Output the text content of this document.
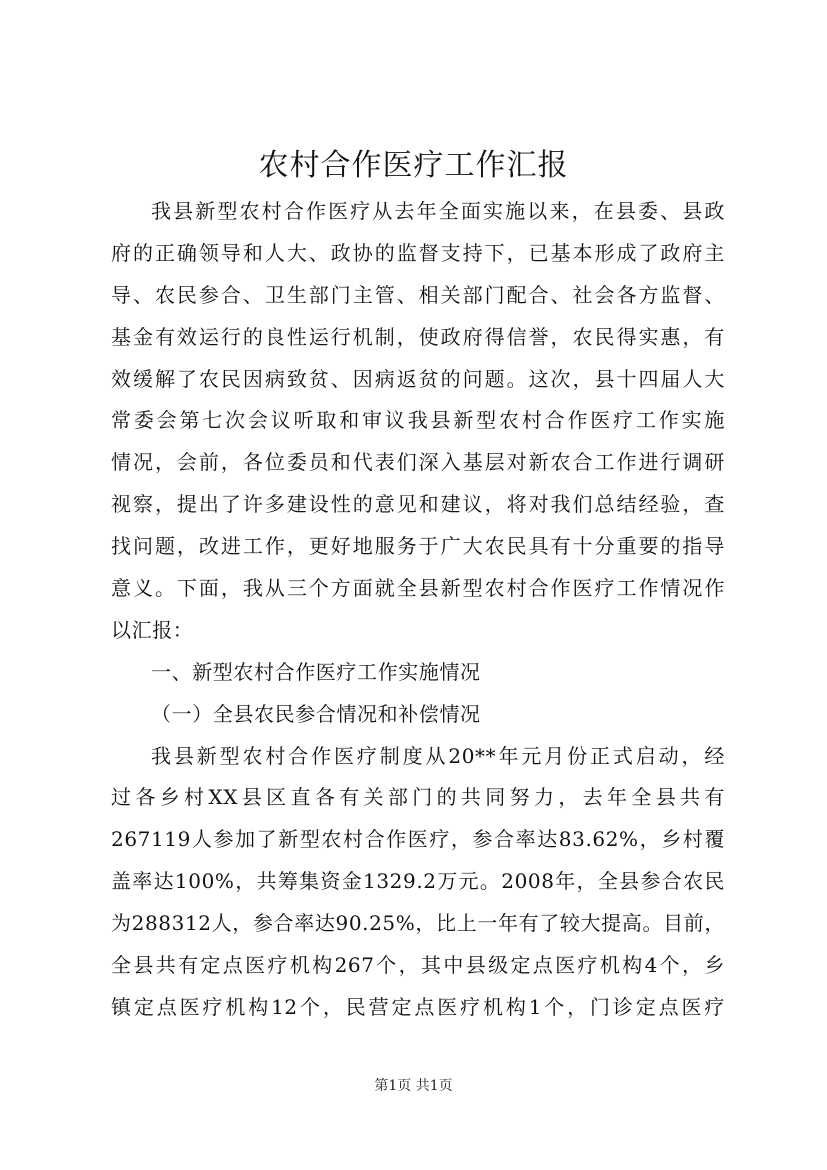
农村合作医疗工作汇报
我县新型农村合作医疗从去年全面实施以来，在县委、县政
府的正确领导和人大、政协的监督支持下，已基本形成了政府主
导、农民参合、卫生部门主管、相关部门配合、社会各方监督、
基金有效运行的良性运行机制，使政府得信誉，农民得实惠，有
效缓解了农民因病致贫、因病返贫的问题。这次，县十四届人大
常委会第七次会议听取和审议我县新型农村合作医疗工作实施
情况，会前，各位委员和代表们深入基层对新农合工作进行调研
视察，提出了许多建设性的意见和建议，将对我们总结经验，查
找问题，改进工作，更好地服务于广大农民具有十分重要的指导
意义。下面，我从三个方面就全县新型农村合作医疗工作情况作
以汇报：
一、新型农村合作医疗工作实施情况
（一）全县农民参合情况和补偿情况
我县新型农村合作医疗制度从20**年元月份正式启动，经
过各乡村XX县区直各有关部门的共同努力，去年全县共有
267119人参加了新型农村合作医疗，参合率达83.62%，乡村覆
盖率达100%，共筹集资金1329.2万元。2008年，全县参合农民
为288312人，参合率达90.25%，比上一年有了较大提高。目前，
全县共有定点医疗机构267个，其中县级定点医疗机构4个，乡
镇定点医疗机构12个，民营定点医疗机构1个，门诊定点医疗
第1页 共1页
